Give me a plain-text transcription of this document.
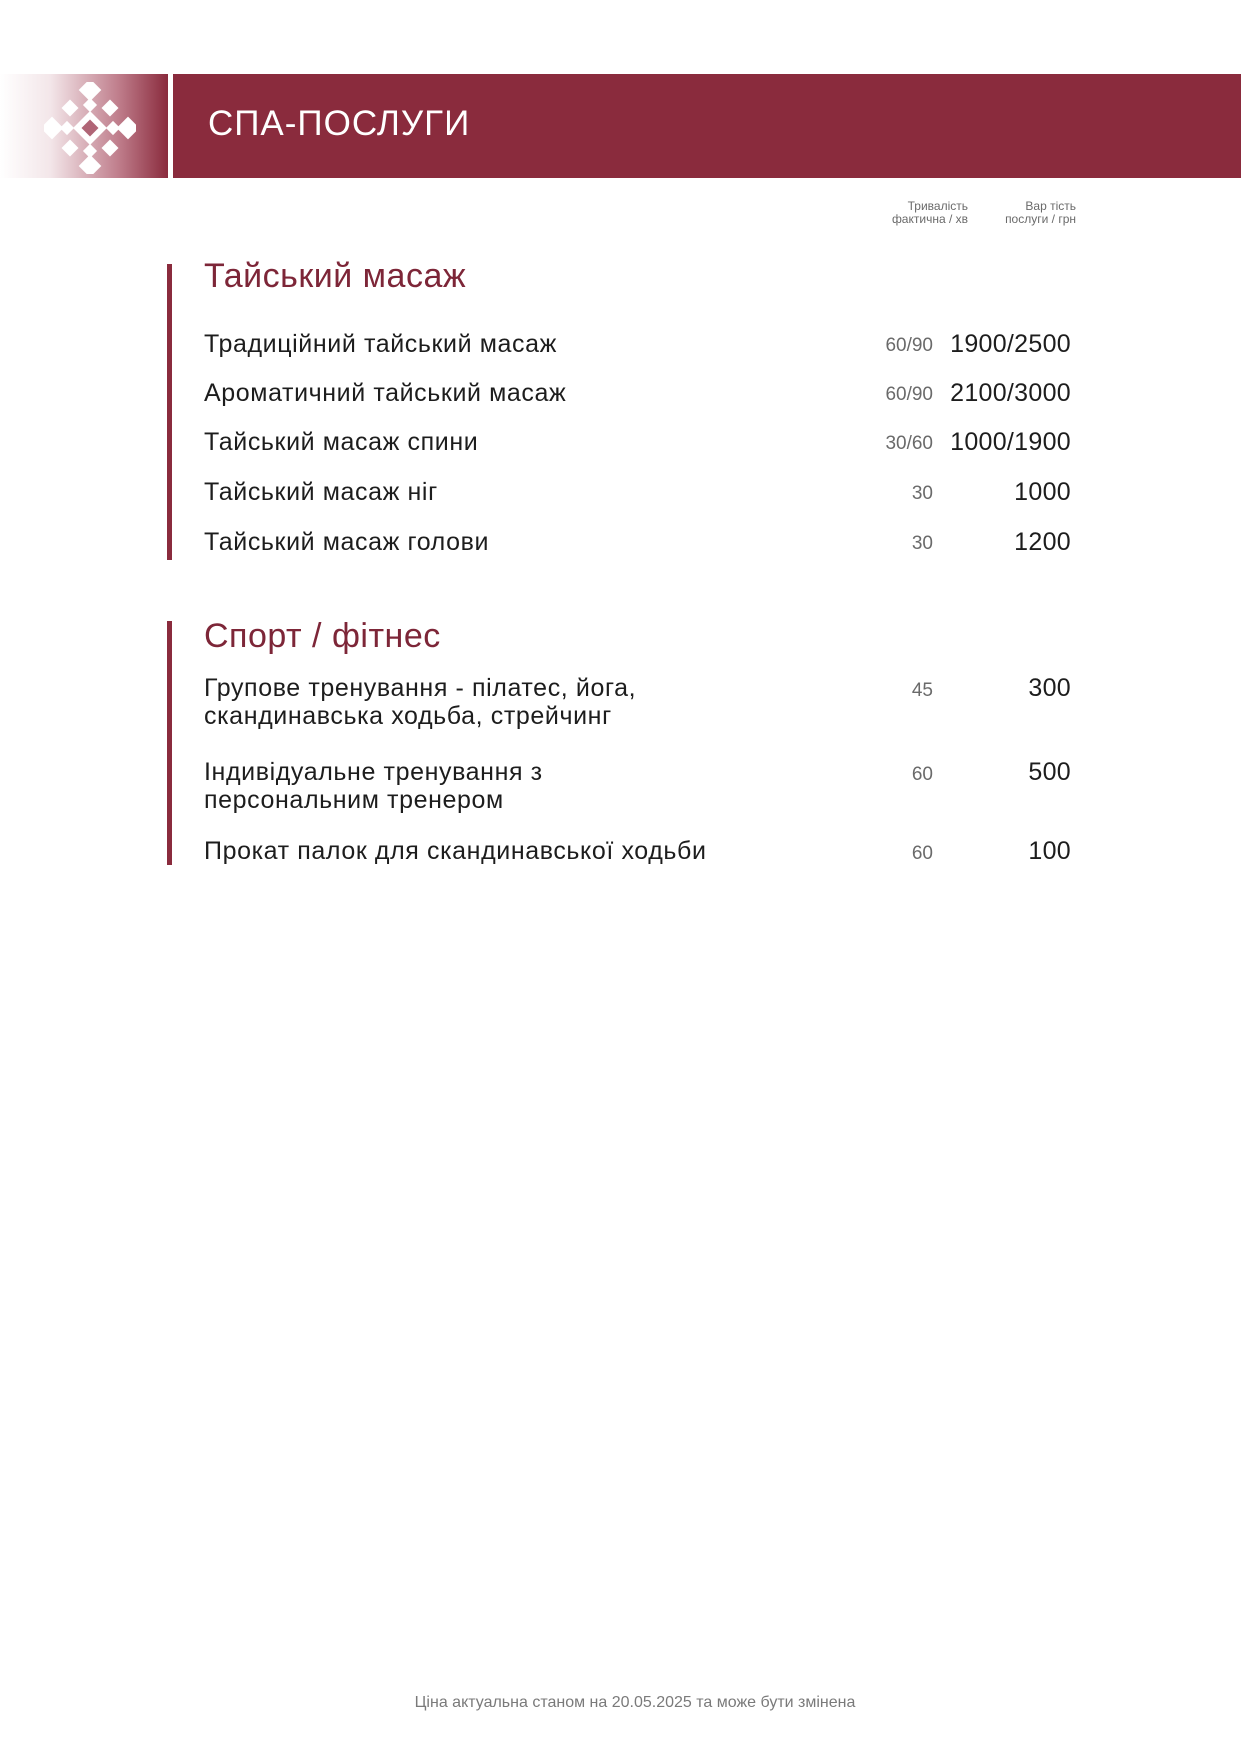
СПА-ПОСЛУГИ
Тривалість
фактична / хв
Вар тість
послуги / грн
Тайський масаж
Традиційний тайський масаж	60/90 1900/2500
Ароматичний тайський масаж	60/90 2100/3000
Тайський масаж спини	30/60 1000/1900
Тайський масаж ніг	30	1000
Тайський масаж голови	30	1200
Спорт / фітнес
Групове тренування - пілатес, йога,
скандинавська ходьба, стрейчинг
45	300
Індивідуальне тренування з
персональним тренером
60	500
Прокат палок для скандинавської ходьби	60	100
Ціна актуальна станом на 20.05.2025 та може бути змінена
